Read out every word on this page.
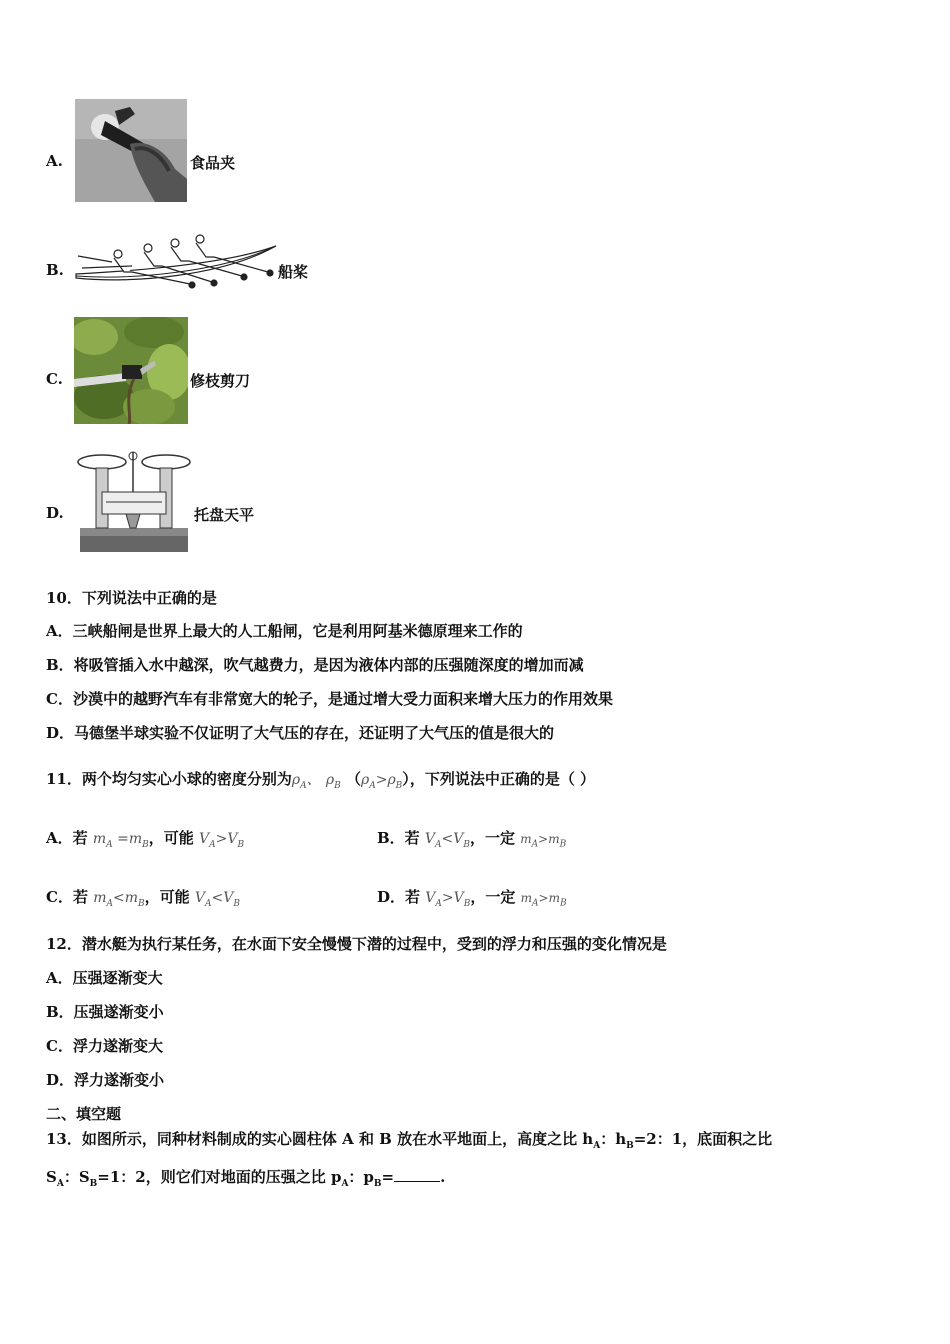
A.	食品夹
B.	船桨
C.	修枝剪刀
D.	托盘天平
10．下列说法中正确的是
A．三峡船闸是世界上最大的人工船闸，它是利用阿基米德原理来工作的
B．将吸管插入水中越深，吹气越费力，是因为液体内部的压强随深度的增加而减
C．沙漠中的越野汽车有非常宽大的轮子，是通过增大受力面积来增大压力的作用效果
D．马德堡半球实验不仅证明了大气压的存在，还证明了大气压的值是很大的
11．两个均匀实心小球的密度分别为$\rho_A$、 $\rho_B$ $(\rho_A>\rho_B)$，下列说法中正确的是（ ）
A．若 $m_A =m_B$，可能 $V_A>V_B$	B．若 $V_A<V_B$，一定 $m_A>m_B$
C．若 $m_A<m_B$，可能 $V_A<V_B$	D．若 $V_A>V_B$，一定 $m_A>m_B$
12．潜水艇为执行某任务，在水面下安全慢慢下潜的过程中，受到的浮力和压强的变化情况是
A．压强逐渐变大
B．压强遂渐变小
C．浮力遂渐变大
D．浮力遂渐变小
二、填空题
13．如图所示，同种材料制成的实心圆柱体 A 和 B 放在水平地面上，高度之比 $h_A$：$h_B=2$：1，底面积之比
$S_A$：$S_B=1$：2，则它们对地面的压强之比 $p_A$：$p_B=$	.
